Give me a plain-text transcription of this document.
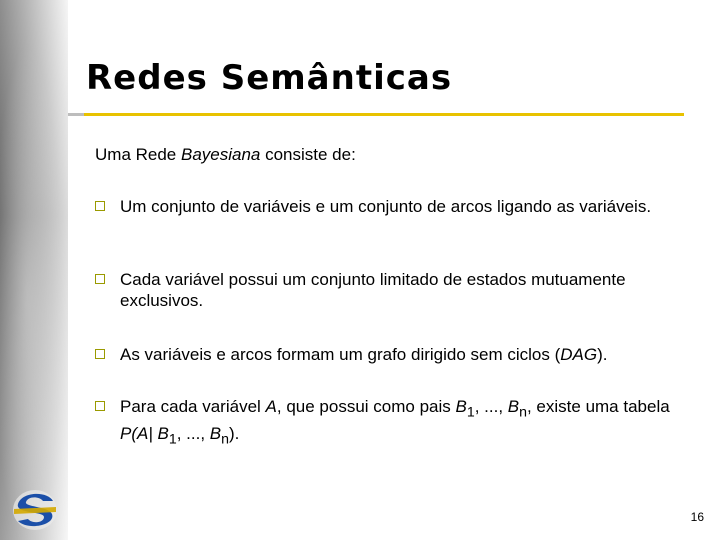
Redes Semânticas
Uma Rede Bayesiana consiste de:
Um conjunto de variáveis e um conjunto de arcos ligando as variáveis.
Cada variável possui um conjunto limitado de estados mutuamente exclusivos.
As variáveis e arcos formam um grafo dirigido sem ciclos (DAG).
Para cada variável A, que possui como pais $B_1$, ..., $B_n$, existe uma tabela P(A| $B_1$, ..., $B_n$).
16
